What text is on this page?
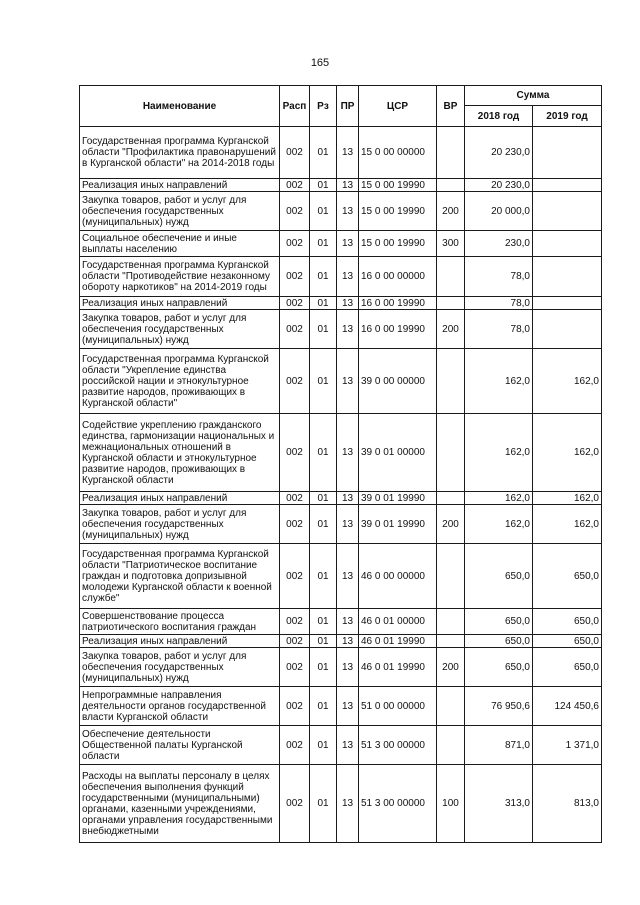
165
Наименование	Расп	Рз	ПР	ЦСР	ВР	Сумма	
						2018 год	2019 год
Государственная программа Курганской области "Профилактика правонарушений в Курганской области" на 2014-2018 годы	002	01	13	15 0 00 00000		20 230,0	
Реализация иных направлений	002	01	13	15 0 00 19990		20 230,0	
Закупка товаров, работ и услуг для обеспечения государственных (муниципальных) нужд	002	01	13	15 0 00 19990	200	20 000,0	
Социальное обеспечение и иные выплаты населению	002	01	13	15 0 00 19990	300	230,0	
Государственная программа Курганской области "Противодействие незаконному обороту наркотиков" на 2014-2019 годы	002	01	13	16 0 00 00000		78,0	
Реализация иных направлений	002	01	13	16 0 00 19990		78,0	
Закупка товаров, работ и услуг для обеспечения государственных (муниципальных) нужд	002	01	13	16 0 00 19990	200	78,0	
Государственная программа Курганской области "Укрепление единства российской нации и этнокультурное развитие народов, проживающих в Курганской области"	002	01	13	39 0 00 00000		162,0	162,0
Содействие укреплению гражданского единства, гармонизации национальных и межнациональных отношений в Курганской области и этнокультурное развитие народов, проживающих в Курганской области	002	01	13	39 0 01 00000		162,0	162,0
Реализация иных направлений	002	01	13	39 0 01 19990		162,0	162,0
Закупка товаров, работ и услуг для обеспечения государственных (муниципальных) нужд	002	01	13	39 0 01 19990	200	162,0	162,0
Государственная программа Курганской области "Патриотическое воспитание граждан и подготовка допризывной молодежи Курганской области к военной службе"	002	01	13	46 0 00 00000		650,0	650,0
Совершенствование процесса патриотического воспитания граждан	002	01	13	46 0 01 00000		650,0	650,0
Реализация иных направлений	002	01	13	46 0 01 19990		650,0	650,0
Закупка товаров, работ и услуг для обеспечения государственных (муниципальных) нужд	002	01	13	46 0 01 19990	200	650,0	650,0
Непрограммные направления деятельности органов государственной власти Курганской области	002	01	13	51 0 00 00000		76 950,6	124 450,6
Обеспечение деятельности Общественной палаты Курганской области	002	01	13	51 3 00 00000		871,0	1 371,0
Расходы на выплаты персоналу в целях обеспечения выполнения функций государственными (муниципальными) органами, казенными учреждениями, органами управления государственными внебюджетными	002	01	13	51 3 00 00000	100	313,0	813,0
